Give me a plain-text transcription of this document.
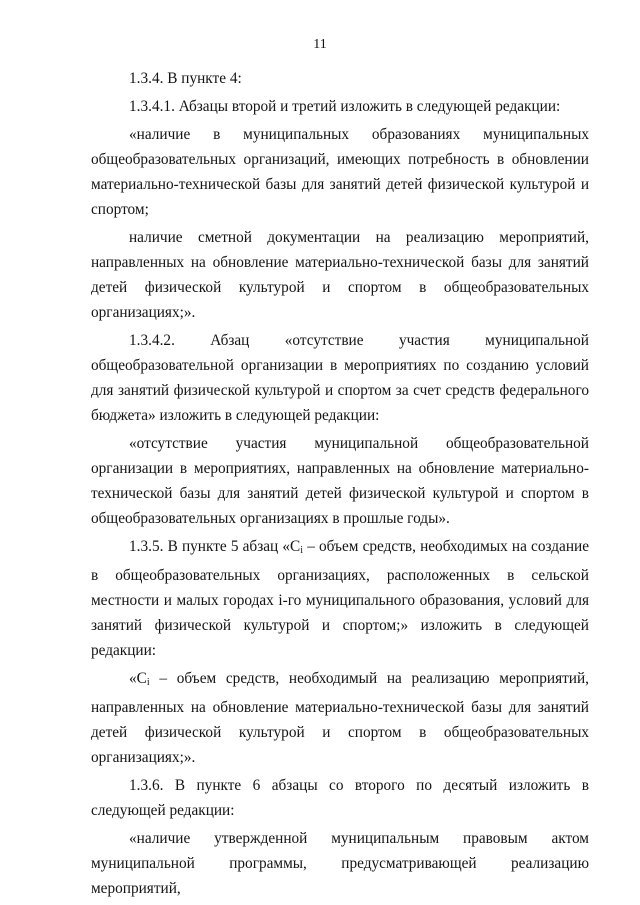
11

1.3.4. В пункте 4:

1.3.4.1. Абзацы второй и третий изложить в следующей редакции:

«наличие в муниципальных образованиях муниципальных общеобразовательных организаций, имеющих потребность в обновлении материально-технической базы для занятий детей физической культурой и спортом;

наличие сметной документации на реализацию мероприятий, направленных на обновление материально-технической базы для занятий детей физической культурой и спортом в общеобразовательных организациях;».

1.3.4.2. Абзац «отсутствие участия муниципальной общеобразовательной организации в мероприятиях по созданию условий для занятий физической культурой и спортом за счет средств федерального бюджета» изложить в следующей редакции:

«отсутствие участия муниципальной общеобразовательной организации в мероприятиях, направленных на обновление материально-технической базы для занятий детей физической культурой и спортом в общеобразовательных организациях в прошлые годы».

1.3.5. В пункте 5 абзац «$C_i$ – объем средств, необходимых на создание в общеобразовательных организациях, расположенных в сельской местности и малых городах i-го муниципального образования, условий для занятий физической культурой и спортом;» изложить в следующей редакции:

«$C_i$ – объем средств, необходимый на реализацию мероприятий, направленных на обновление материально-технической базы для занятий детей физической культурой и спортом в общеобразовательных организациях;».

1.3.6. В пункте 6 абзацы со второго по десятый изложить в следующей редакции:

«наличие утвержденной муниципальным правовым актом муниципальной программы, предусматривающей реализацию мероприятий,
